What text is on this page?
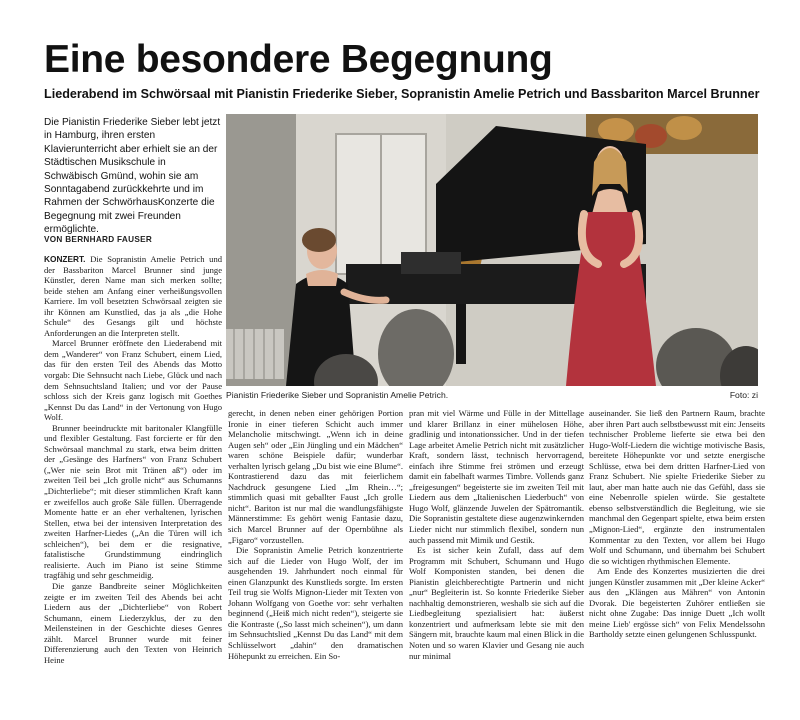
Eine besondere Begegnung
Liederabend im Schwörsaal mit Pianistin Friederike Sieber, Sopranistin Amelie Petrich und Bassbariton Marcel Brunner

Die Pianistin Friederike Sieber lebt jetzt in Hamburg, ihren ersten Klavierunterricht aber erhielt sie an der Städtischen Musikschule in Schwäbisch Gmünd, wohin sie am Sonntagabend zurückkehrte und im Rahmen der SchwörhausKonzerte die Begegnung mit zwei Freunden ermöglichte.

VON BERNHARD FAUSER
Pianistin Friederike Sieber und Sopranistin Amelie Petrich.	Foto: zi

KONZERT. Die Sopranistin Amelie Petrich und der Bassbariton Marcel Brunner sind junge Künstler, deren Name man sich merken sollte; beide stehen am Anfang einer verheißungsvollen Karriere. Im voll besetzten Schwörsaal zeigten sie ihr Können am Kunstlied, das ja als „die Hohe Schule“ des Gesangs gilt und höchste Anforderungen an die Interpreten stellt.

Marcel Brunner eröffnete den Liederabend mit dem „Wanderer“ von Franz Schubert, einem Lied, das für den ersten Teil des Abends das Motto vorgab: Die Sehnsucht nach Liebe, Glück und nach dem Sehnsuchtsland Italien; und vor der Pause schloss sich der Kreis ganz logisch mit Goethes „Kennst Du das Land“ in der Vertonung von Hugo Wolf.

Brunner beeindruckte mit baritonaler Klangfülle und flexibler Gestaltung. Fast forcierte er für den Schwörsaal manchmal zu stark, etwa beim dritten der „Gesänge des Harfners“ von Franz Schubert („Wer nie sein Brot mit Tränen aß“) oder im zweiten Teil bei „Ich grolle nicht“ aus Schumanns „Dichterliebe“; mit dieser stimmlichen Kraft kann er zweifellos auch große Säle füllen. Überragende Momente hatte er an eher verhaltenen, lyrischen Stellen, etwa bei der intensiven Interpretation des zweiten Harfner-Liedes („An die Türen will ich schleichen“), bei dem er die resignative, fatalistische Grundstimmung eindringlich realisierte. Auch im Piano ist seine Stimme tragfähig und sehr geschmeidig.

Die ganze Bandbreite seiner Möglichkeiten zeigte er im zweiten Teil des Abends bei acht Liedern aus der „Dichterliebe“ von Robert Schumann, einem Liederzyklus, der zu den Meilensteinen in der Geschichte dieses Genres zählt. Marcel Brunner wurde mit feiner Differenzierung auch den Texten von Heinrich Heine

gerecht, in denen neben einer gehörigen Portion Ironie in einer tieferen Schicht auch immer Melancholie mitschwingt. „Wenn ich in deine Augen seh“ oder „Ein Jüngling und ein Mädchen“ waren schöne Beispiele dafür; wunderbar verhalten lyrisch gelang „Du bist wie eine Blume“. Kontrastierend dazu das mit feierlichem Nachdruck gesungene Lied „Im Rhein…“; stimmlich quasi mit geballter Faust „Ich grolle nicht“. Bariton ist nur mal die wandlungsfähigste Männerstimme: Es gehört wenig Fantasie dazu, sich Marcel Brunner auf der Opernbühne als „Figaro“ vorzustellen.

Die Sopranistin Amelie Petrich konzentrierte sich auf die Lieder von Hugo Wolf, der im ausgehenden 19. Jahrhundert noch einmal für einen Glanzpunkt des Kunstlieds sorgte. Im ersten Teil trug sie Wolfs Mignon-Lieder mit Texten von Johann Wolfgang von Goethe vor: sehr verhalten beginnend („Heiß mich nicht reden“), steigerte sie die Kontraste („So lasst mich scheinen“), um dann im Sehnsuchtslied „Kennst Du das Land“ mit dem Schlüsselwort „dahin“ den dramatischen Höhepunkt zu erreichen. Ein So-

pran mit viel Wärme und Fülle in der Mittellage und klarer Brillanz in einer mühelosen Höhe, gradlinig und intonationssicher. Und in der tiefen Lage arbeitet Amelie Petrich nicht mit zusätzlicher Kraft, sondern lässt, technisch hervorragend, einfach ihre Stimme frei strömen und erzeugt damit ein fabelhaft warmes Timbre. Vollends ganz „freigesungen“ begeisterte sie im zweiten Teil mit Liedern aus dem „Italienischen Liederbuch“ von Hugo Wolf, glänzende Juwelen der Spätromantik. Die Sopranistin gestaltete diese augenzwinkernden Lieder nicht nur stimmlich flexibel, sondern nun auch passend mit Mimik und Gestik.

Es ist sicher kein Zufall, dass auf dem Programm mit Schubert, Schumann und Hugo Wolf Komponisten standen, bei denen die Pianistin gleichberechtigte Partnerin und nicht „nur“ Begleiterin ist. So konnte Friederike Sieber nachhaltig demonstrieren, weshalb sie sich auf die Liedbegleitung spezialisiert hat: äußerst konzentriert und aufmerksam lebte sie mit den Sängern mit, brauchte kaum mal einen Blick in die Noten und so waren Klavier und Gesang nie auch nur minimal

auseinander. Sie ließ den Partnern Raum, brachte aber ihren Part auch selbstbewusst mit ein: Jenseits technischer Probleme lieferte sie etwa bei den Hugo-Wolf-Liedern die wichtige motivische Basis, bereitete Höhepunkte vor und setzte energische Schlüsse, etwa bei dem dritten Harfner-Lied von Franz Schubert. Nie spielte Friederike Sieber zu laut, aber man hatte auch nie das Gefühl, dass sie eine Nebenrolle spielen würde. Sie gestaltete ebenso selbstverständlich die Begleitung, wie sie manchmal den Gegenpart spielte, etwa beim ersten „Mignon-Lied“, ergänzte den instrumentalen Kommentar zu den Texten, vor allem bei Hugo Wolf und Schumann, und übernahm bei Schubert die so wichtigen rhythmischen Elemente.

Am Ende des Konzertes musizierten die drei jungen Künstler zusammen mit „Der kleine Acker“ aus den „Klängen aus Mähren“ von Antonin Dvorak. Die begeisterten Zuhörer entließen sie nicht ohne Zugabe: Das innige Duett „Ich wollt meine Lieb' ergösse sich“ von Felix Mendelssohn Bartholdy setzte einen gelungenen Schlusspunkt.
